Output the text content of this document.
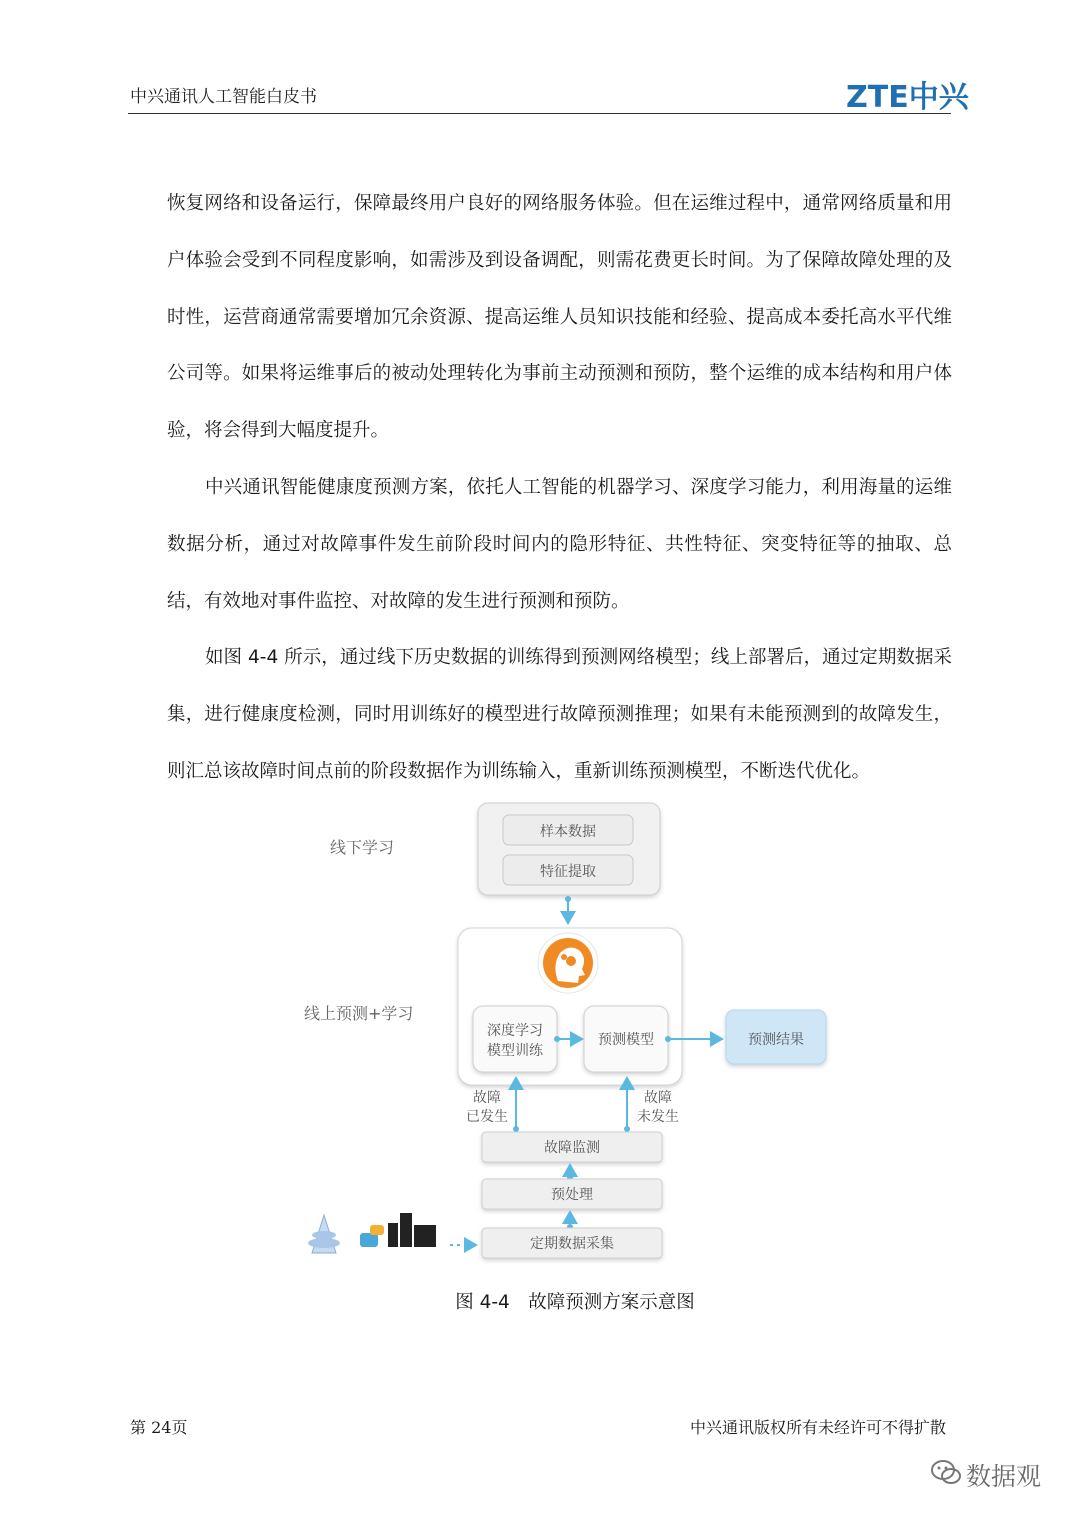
中兴通讯人工智能白皮书	ZTE中兴

恢复网络和设备运行，保障最终用户良好的网络服务体验。但在运维过程中，通常网络质量和用户体验会受到不同程度影响，如需涉及到设备调配，则需花费更长时间。为了保障故障处理的及时性，运营商通常需要增加冗余资源、提高运维人员知识技能和经验、提高成本委托高水平代维公司等。如果将运维事后的被动处理转化为事前主动预测和预防，整个运维的成本结构和用户体验，将会得到大幅度提升。

中兴通讯智能健康度预测方案，依托人工智能的机器学习、深度学习能力，利用海量的运维数据分析，通过对故障事件发生前阶段时间内的隐形特征、共性特征、突变特征等的抽取、总结，有效地对事件监控、对故障的发生进行预测和预防。

如图 4-4 所示，通过线下历史数据的训练得到预测网络模型；线上部署后，通过定期数据采集，进行健康度检测，同时用训练好的模型进行故障预测推理；如果有未能预测到的故障发生，则汇总该故障时间点前的阶段数据作为训练输入，重新训练预测模型，不断迭代优化。

样本数据
特征提取
线下学习
线上预测+学习
深度学习
模型训练
预测模型	预测结果
故障
已发生
故障
未发生
故障监测
预处理
定期数据采集
图 4-4　故障预测方案示意图
第 24页	中兴通讯版权所有未经许可不得扩散
数据观
